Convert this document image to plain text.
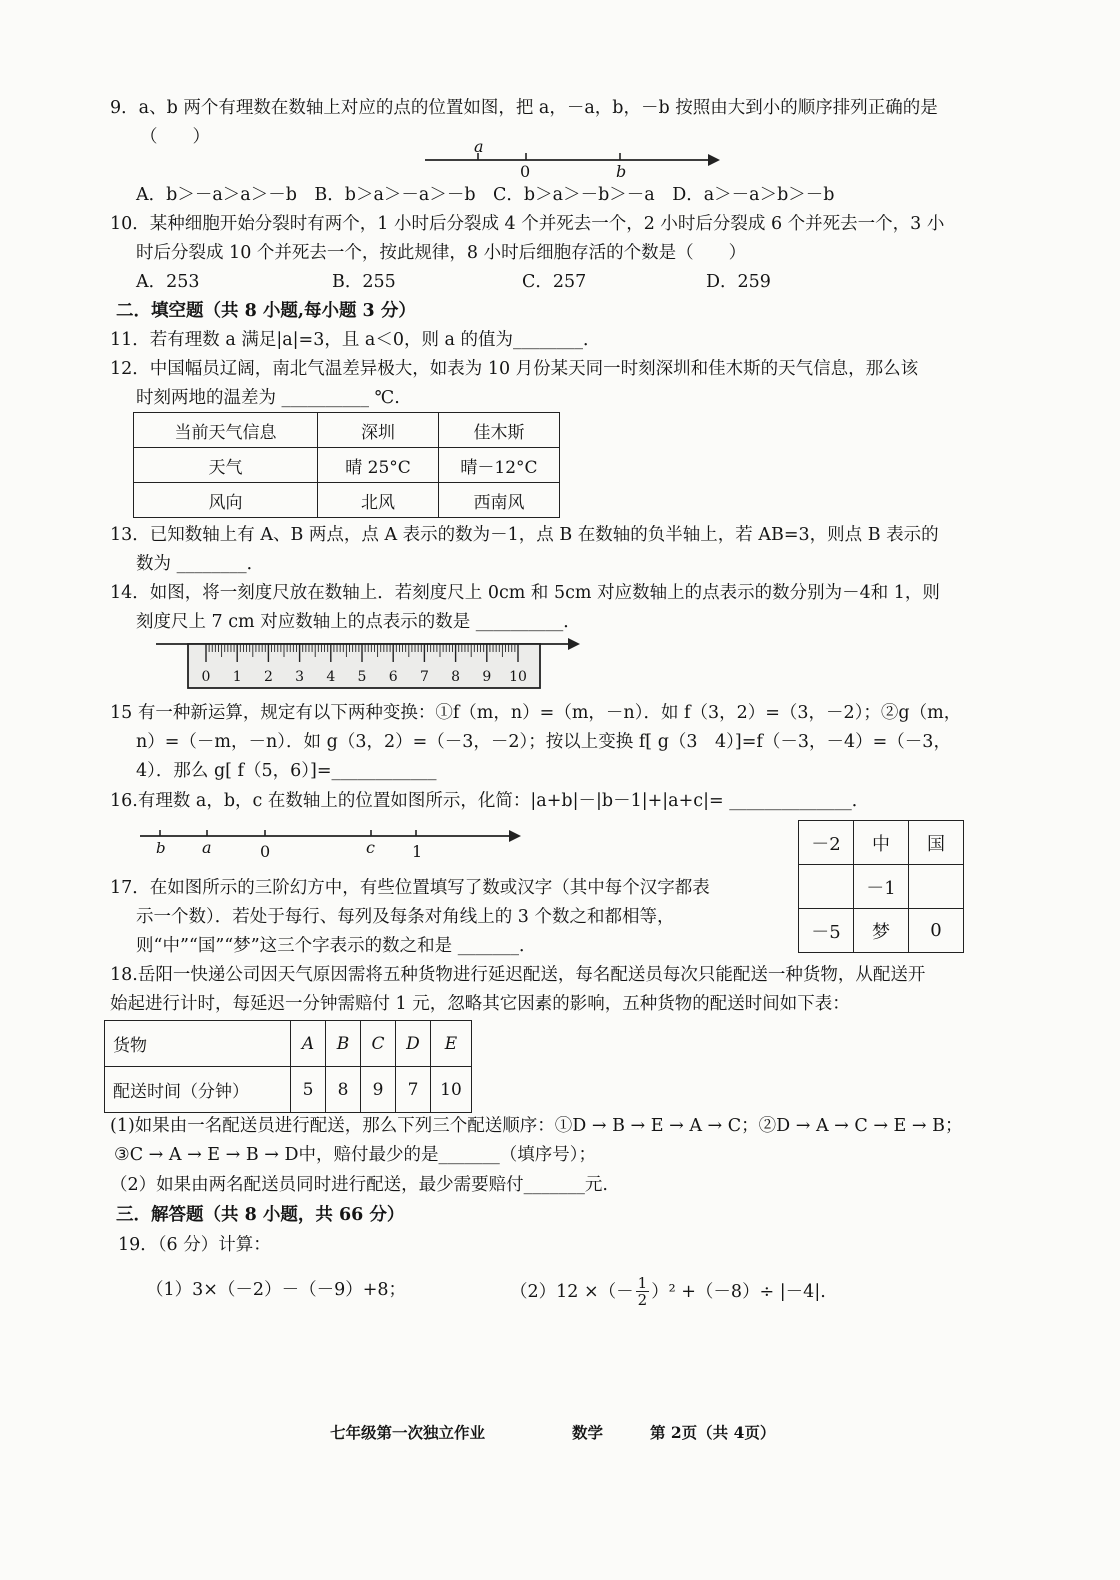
9．a、b 两个有理数在数轴上对应的点的位置如图，把 a，－a，b，－b 按照由大到小的顺序排列正确的是
（　　）	a
0	b
A．b＞－a＞a＞－b　B．b＞a＞－a＞－b　C．b＞a＞－b＞－a　D．a＞－a＞b＞－b
10．某种细胞开始分裂时有两个，1 小时后分裂成 4 个并死去一个，2 小时后分裂成 6 个并死去一个，3 小
时后分裂成 10 个并死去一个，按此规律，8 小时后细胞存活的个数是（　　）
A．253	B．255	C．257	D．259
二．填空题（共 8 小题,每小题 3 分）
11．若有理数 a 满足|a|=3，且 a＜0，则 a 的值为________．
12．中国幅员辽阔，南北气温差异极大，如表为 10 月份某天同一时刻深圳和佳木斯的天气信息，那么该
时刻两地的温差为 __________ ℃.
当前天气信息	深圳	佳木斯
天气	晴 25°C	晴－12°C
风向	北风	西南风
13．已知数轴上有 A、B 两点，点 A 表示的数为－1，点 B 在数轴的负半轴上，若 AB=3，则点 B 表示的
数为 ________．
14．如图，将一刻度尺放在数轴上．若刻度尺上 0cm 和 5cm 对应数轴上的点表示的数分别为－4和 1，则
刻度尺上 7 cm 对应数轴上的点表示的数是 __________．
0 1 2 3 4 5 6 7 8 9 10
15 有一种新运算，规定有以下两种变换：①f（m，n）=（m，－n）．如 f（3，2）=（3，－2）；②g（m，
n）=（－m，－n）．如 g（3，2）=（－3，－2）；按以上变换 f[ g（3　4）]=f（－3，－4）=（－3，
4）．那么 g[ f（5，6）]=____________
16.有理数 a，b，c 在数轴上的位置如图所示，化简：|a+b|－|b－1|+|a+c|= ______________．
b a	0	c 1
17．在如图所示的三阶幻方中，有些位置填写了数或汉字（其中每个汉字都表
示一个数）．若处于每行、每列及每条对角线上的 3 个数之和都相等，
则“中”“国”“梦”这三个字表示的数之和是 _______．
－2	中	国
	－1	
－5	梦	0
18.岳阳一快递公司因天气原因需将五种货物进行延迟配送，每名配送员每次只能配送一种货物，从配送开
始起进行计时，每延迟一分钟需赔付 1 元，忽略其它因素的影响，五种货物的配送时间如下表：
货物	A	B	C	D	E
配送时间（分钟）	5	8	9	7	10
(1)如果由一名配送员进行配送，那么下列三个配送顺序：①D → B → E → A → C；②D → A → C → E → B；
③C → A → E → B → D中，赔付最少的是_______（填序号）；
（2）如果由两名配送员同时进行配送，最少需要赔付_______元.
三．解答题（共 8 小题，共 66 分）
19．（6 分）计算：
（1）3×（－2）－（－9）+8；	（2）12 ×（－ $\frac{1}{2} )^2 +(-8)\div |-4|$.
七年级第一次独立作业	数学	第 2页（共 4页）
